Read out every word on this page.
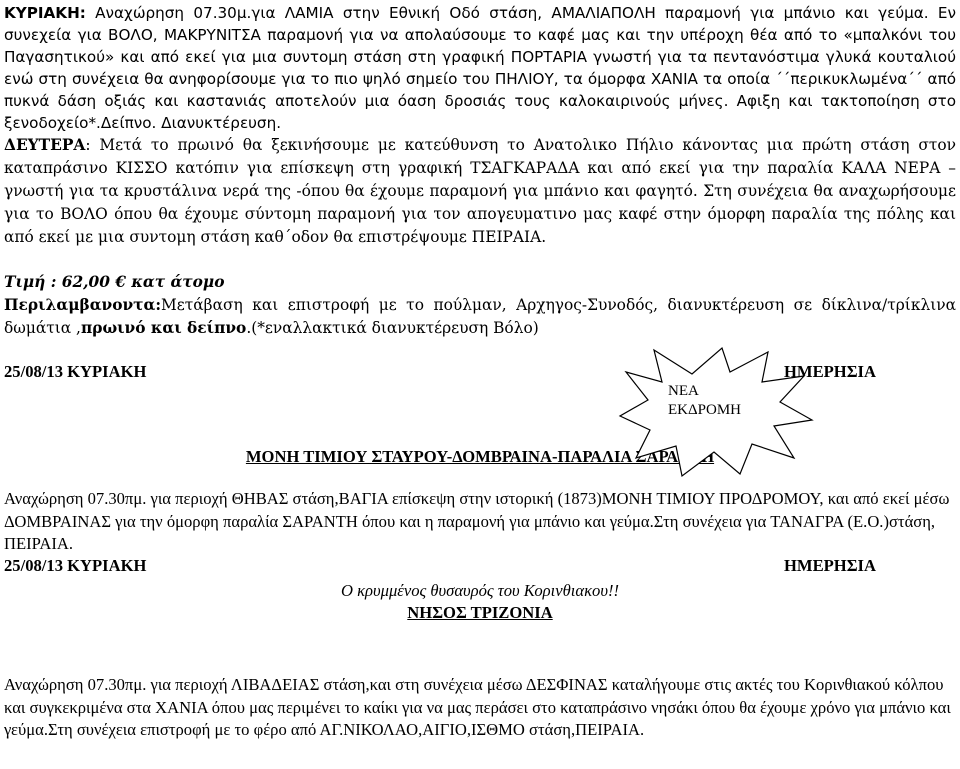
ΚΥΡΙΑΚΗ: Αναχώρηση 07.30μ.για ΛΑΜΙΑ στην Εθνική Οδό στάση, ΑΜΑΛΙΑΠΟΛΗ παραμονή για μπάνιο και γεύμα. Εν συνεχεία για ΒΟΛΟ, ΜΑΚΡΥΝΙΤΣΑ παραμονή για να απολαύσουμε το καφέ μας και την υπέροχη θέα από το «μπαλκόνι του Παγασητικού» και από εκεί για μια συντομη στάση στη γραφική ΠΟΡΤΑΡΙΑ γνωστή για τα πεντανόστιμα γλυκά κουταλιού ενώ στη συνέχεια θα ανηφορίσουμε για το πιο ψηλό σημείο του ΠΗΛΙΟΥ, τα όμορφα ΧΑΝΙΑ τα οποία ΄΄περικυκλωμένα΄΄ από πυκνά δάση οξιάς και καστανιάς αποτελούν μια όαση δροσιάς τους καλοκαιρινούς μήνες. Αφιξη και τακτοποίηση στο ξενοδοχείο*.Δείπνο. Διανυκτέρευση.

ΔΕΥΤΕΡΑ: Μετά το πρωινό θα ξεκινήσουμε με κατεύθυνση το Ανατολικο Πήλιο κάνοντας μια πρώτη στάση στον καταπράσινο ΚΙΣΣΟ κατόπιν για επίσκεψη στη γραφική ΤΣΑΓΚΑΡΑΔΑ και από εκεί για την παραλία ΚΑΛΑ ΝΕΡΑ –γνωστή για τα κρυστάλινα νερά της -όπου θα έχουμε παραμονή για μπάνιο και φαγητό. Στη συνέχεια θα αναχωρήσουμε για το ΒΟΛΟ όπου θα έχουμε σύντομη παραμονή για τον απογευματινο μας καφέ στην όμορφη παραλία της πόλης και από εκεί με μια συντομη στάση καθ΄οδον θα επιστρέψουμε ΠΕΙΡΑΙΑ.

Τιμή : 62,00 € κατ άτομο

Περιλαμβανοντα:Μετάβαση και επιστροφή με το πούλμαν, Αρχηγος-Συνοδός, διανυκτέρευση σε δίκλινα/τρίκλινα δωμάτια ,πρωινό και δείπνο.(*εναλλακτικά διανυκτέρευση Βόλο)

25/08/13 ΚΥΡΙΑΚΗ	ΗΜΕΡΗΣΙΑ

ΜΟΝΗ ΤΙΜΙΟΥ ΣΤΑΥΡΟΥ-ΔΟΜΒΡΑΙΝΑ-ΠΑΡΑΛΙΑ ΣΑΡΑΝΤΗ

Αναχώρηση 07.30πμ. για περιοχή ΘΗΒΑΣ στάση,ΒΑΓΙΑ επίσκεψη στην ιστορική (1873)ΜΟΝΗ ΤΙΜΙΟΥ ΠΡΟΔΡΟΜΟΥ, και από εκεί μέσω ΔΟΜΒΡΑΙΝΑΣ για την όμορφη παραλία ΣΑΡΑΝΤΗ όπου και η παραμονή για μπάνιο και γεύμα.Στη συνέχεια για ΤΑΝΑΓΡΑ (Ε.Ο.)στάση, ΠΕΙΡΑΙΑ.

25/08/13 ΚΥΡΙΑΚΗ	ΗΜΕΡΗΣΙΑ

Ο κρυμμένος θυσαυρός του Κορινθιακου!!

ΝΗΣΟΣ ΤΡΙΖΟΝΙΑ

Αναχώρηση 07.30πμ. για περιοχή ΛΙΒΑΔΕΙΑΣ στάση,και στη συνέχεια μέσω ΔΕΣΦΙΝΑΣ καταλήγουμε στις ακτές του Κορινθιακού κόλπου και συγκεκριμένα στα ΧΑΝΙΑ όπου μας περιμένει το καίκι για να μας περάσει στο καταπράσινο νησάκι όπου θα έχουμε χρόνο για μπάνιο και γεύμα.Στη συνέχεια επιστροφή με το φέρο από ΑΓ.ΝΙΚΟΛΑΟ,ΑΙΓΙΟ,ΙΣΘΜΟ στάση,ΠΕΙΡΑΙΑ.

ΝΕΑ
ΕΚΔΡΟΜΗ
